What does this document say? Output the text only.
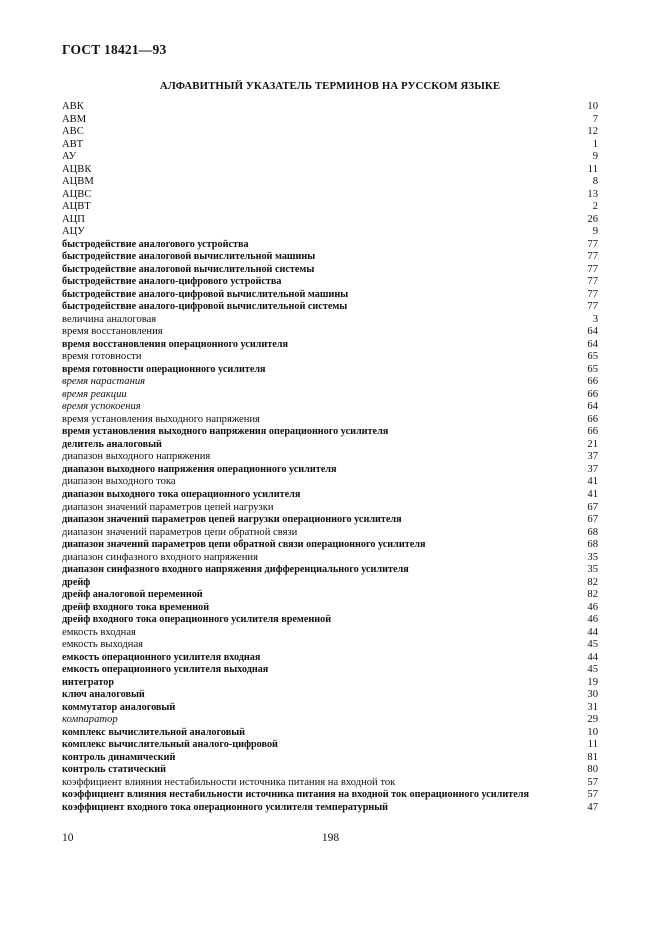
ГОСТ 18421—93
АЛФАВИТНЫЙ УКАЗАТЕЛЬ ТЕРМИНОВ НА РУССКОМ ЯЗЫКЕ
АВК	10
АВМ	7
АВС	12
АВТ	1
АУ	9
АЦВК	11
АЦВМ	8
АЦВС	13
АЦВТ	2
АЦП	26
АЦУ	9
быстродействие аналогового устройства	77
быстродействие аналоговой вычислительной машины	77
быстродействие аналоговой вычислительной системы	77
быстродействие аналого-цифрового устройства	77
быстродействие аналого-цифровой вычислительной машины	77
быстродействие аналого-цифровой вычислительной системы	77
величина аналоговая	3
время восстановления	64
время восстановления операционного усилителя	64
время готовности	65
время готовности операционного усилителя	65
время нарастания	66
время реакции	66
время успокоения	64
время установления выходного напряжения	66
время установления выходного напряжения операционного усилителя	66
делитель аналоговый	21
диапазон выходного напряжения	37
диапазон выходного напряжения операционного усилителя	37
диапазон выходного тока	41
диапазон выходного тока операционного усилителя	41
диапазон значений параметров цепей нагрузки	67
диапазон значений параметров цепей нагрузки операционного усилителя	67
диапазон значений параметров цепи обратной связи	68
диапазон значений параметров цепи обратной связи операционного усилителя	68
диапазон синфазного входного напряжения	35
диапазон синфазного входного напряжения дифференциального усилителя	35
дрейф	82
дрейф аналоговой переменной	82
дрейф входного тока временной	46
дрейф входного тока операционного усилителя временной	46
емкость входная	44
емкость выходная	45
емкость операционного усилителя входная	44
емкость операционного усилителя выходная	45
интегратор	19
ключ аналоговый	30
коммутатор аналоговый	31
компаратор	29
комплекс вычислительной аналоговый	10
комплекс вычислительный аналого-цифровой	11
контроль динамический	81
контроль статический	80
коэффициент влияния нестабильности источника питания на входной ток	57
коэффициент влияния нестабильности источника питания на входной ток операционного усилителя	57
коэффициент входного тока операционного усилителя температурный	47
10	198
